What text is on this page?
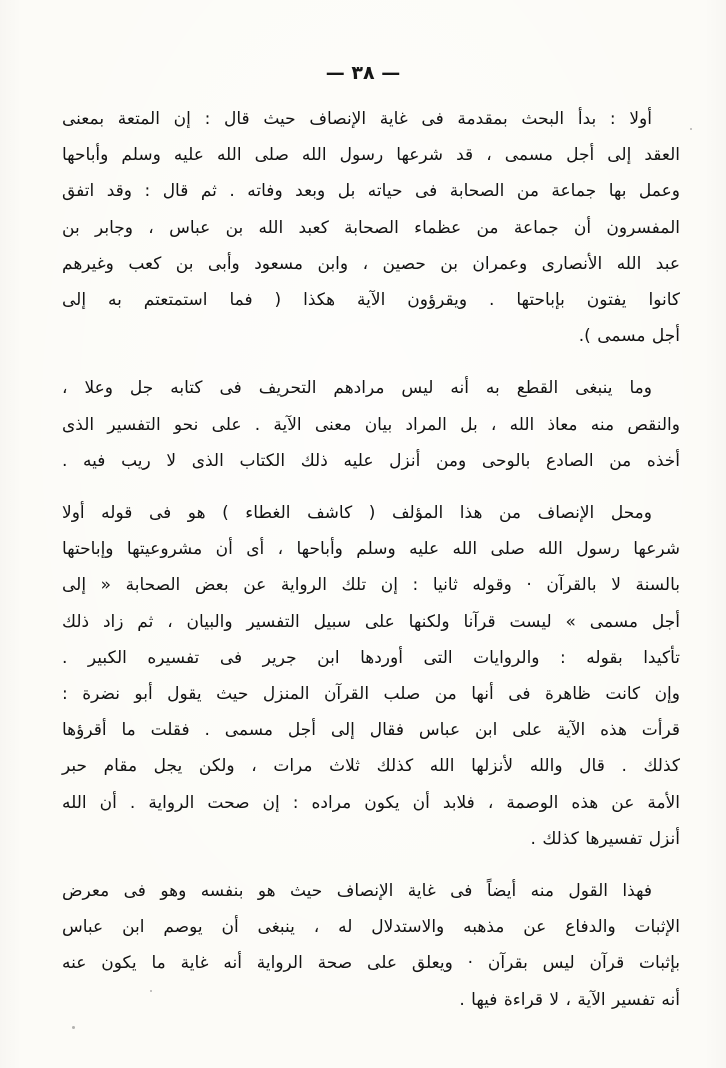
— ٣٨ —
أولا : بدأ البحث بمقدمة فى غاية الإنصاف حيث قال : إن المتعة بمعنى
العقد إلى أجل مسمى ، قد شرعها رسول الله صلى الله عليه وسلم وأباحها
وعمل بها جماعة من الصحابة فى حياته بل وبعد وفاته . ثم قال : وقد اتفق
المفسرون أن جماعة من عظماء الصحابة كعبد الله بن عباس ، وجابر بن
عبد الله الأنصارى وعمران بن حصين ، وابن مسعود وأبى بن كعب وغيرهم
كانوا يفتون بإباحتها . ويقرؤون الآية هكذا ( فما استمتعتم به إلى
أجل مسمى ).
وما ينبغى القطع به أنه ليس مرادهم التحريف فى كتابه جل وعلا ،
والنقص منه معاذ الله ، بل المراد بيان معنى الآية . على نحو التفسير الذى
أخذه من الصادع بالوحى ومن أنزل عليه ذلك الكتاب الذى لا ريب فيه .
ومحل الإنصاف من هذا المؤلف ( كاشف الغطاء ) هو فى قوله أولا
شرعها رسول الله صلى الله عليه وسلم وأباحها ، أى أن مشروعيتها وإباحتها
بالسنة لا بالقرآن · وقوله ثانيا : إن تلك الرواية عن بعض الصحابة « إلى
أجل مسمى » ليست قرآنا ولكنها على سبيل التفسير والبيان ، ثم زاد ذلك
تأكيدا بقوله : والروايات التى أوردها ابن جرير فى تفسيره الكبير .
وإن كانت ظاهرة فى أنها من صلب القرآن المنزل حيث يقول أبو نضرة :
قرأت هذه الآية على ابن عباس فقال إلى أجل مسمى . فقلت ما أقرؤها
كذلك . قال والله لأنزلها الله كذلك ثلاث مرات ، ولكن يجل مقام حبر
الأمة عن هذه الوصمة ، فلابد أن يكون مراده : إن صحت الرواية . أن الله
أنزل تفسيرها كذلك .
فهذا القول منه أيضاً فى غاية الإنصاف حيث هو بنفسه وهو فى معرض
الإثبات والدفاع عن مذهبه والاستدلال له ، ينبغى أن يوصم ابن عباس
بإثبات قرآن ليس بقرآن · ويعلق على صحة الرواية أنه غاية ما يكون عنه
أنه تفسير الآية ، لا قراءة فيها .
